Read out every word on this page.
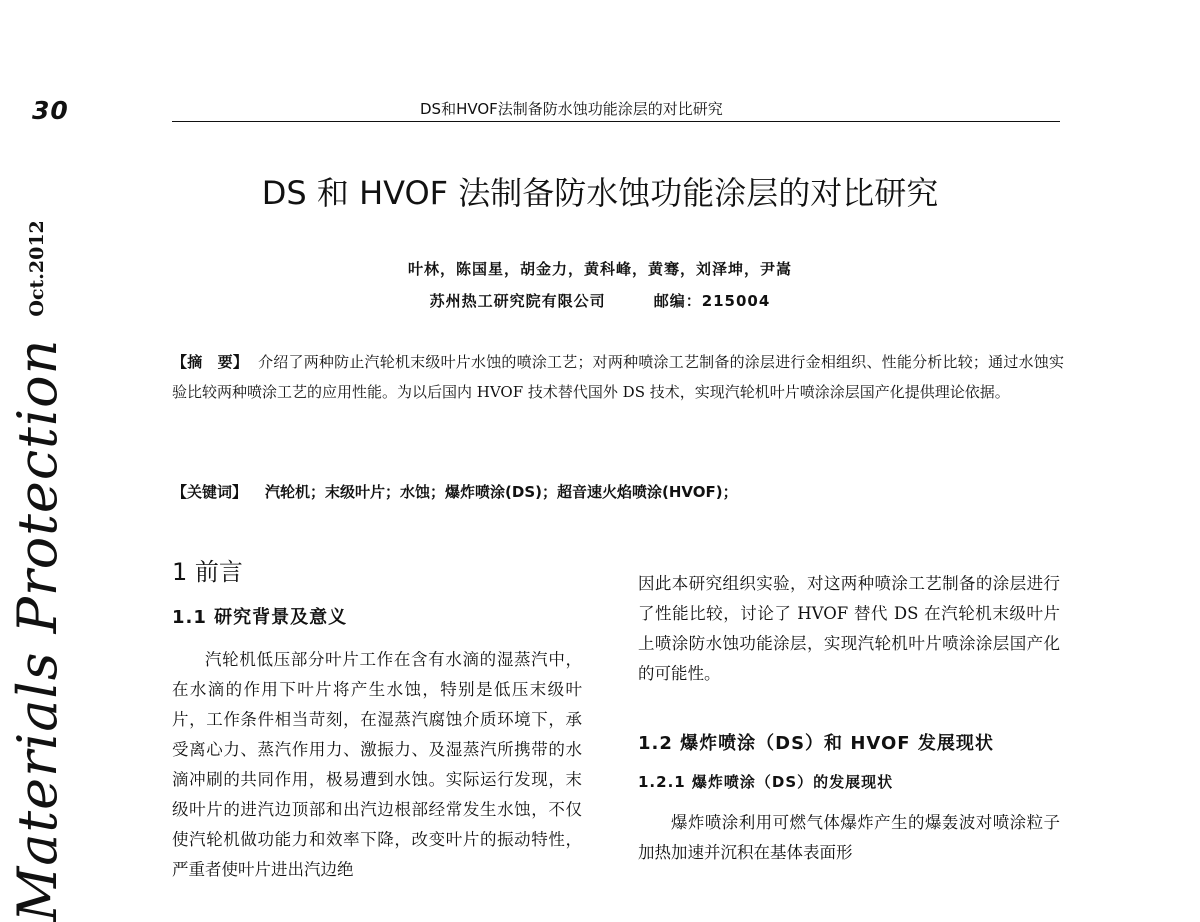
30	DS和HVOF法制备防水蚀功能涂层的对比研究
Materials Protection
Oct.2012
DS 和 HVOF 法制备防水蚀功能涂层的对比研究
叶林，陈国星，胡金力，黄科峰，黄骞，刘泽坤，尹嵩
苏州热工研究院有限公司	邮编：215004
【摘　要】 介绍了两种防止汽轮机末级叶片水蚀的喷涂工艺；对两种喷涂工艺制备的涂层进行金相组织、性能分析比较；通过水蚀实验比较两种喷涂工艺的应用性能。为以后国内 HVOF 技术替代国外 DS 技术，实现汽轮机叶片喷涂涂层国产化提供理论依据。
【关键词】 汽轮机；末级叶片；水蚀；爆炸喷涂(DS)；超音速火焰喷涂(HVOF)；
1 前言
1.1 研究背景及意义

汽轮机低压部分叶片工作在含有水滴的湿蒸汽中，在水滴的作用下叶片将产生水蚀，特别是低压末级叶片，工作条件相当苛刻，在湿蒸汽腐蚀介质环境下，承受离心力、蒸汽作用力、激振力、及湿蒸汽所携带的水滴冲刷的共同作用，极易遭到水蚀。实际运行发现，末级叶片的进汽边顶部和出汽边根部经常发生水蚀，不仅使汽轮机做功能力和效率下降，改变叶片的振动特性，严重者使叶片进出汽边绝

因此本研究组织实验，对这两种喷涂工艺制备的涂层进行了性能比较，讨论了 HVOF 替代 DS 在汽轮机末级叶片上喷涂防水蚀功能涂层，实现汽轮机叶片喷涂涂层国产化的可能性。

1.2 爆炸喷涂（DS）和 HVOF 发展现状
1.2.1 爆炸喷涂（DS）的发展现状

爆炸喷涂利用可燃气体爆炸产生的爆轰波对喷涂粒子加热加速并沉积在基体表面形
